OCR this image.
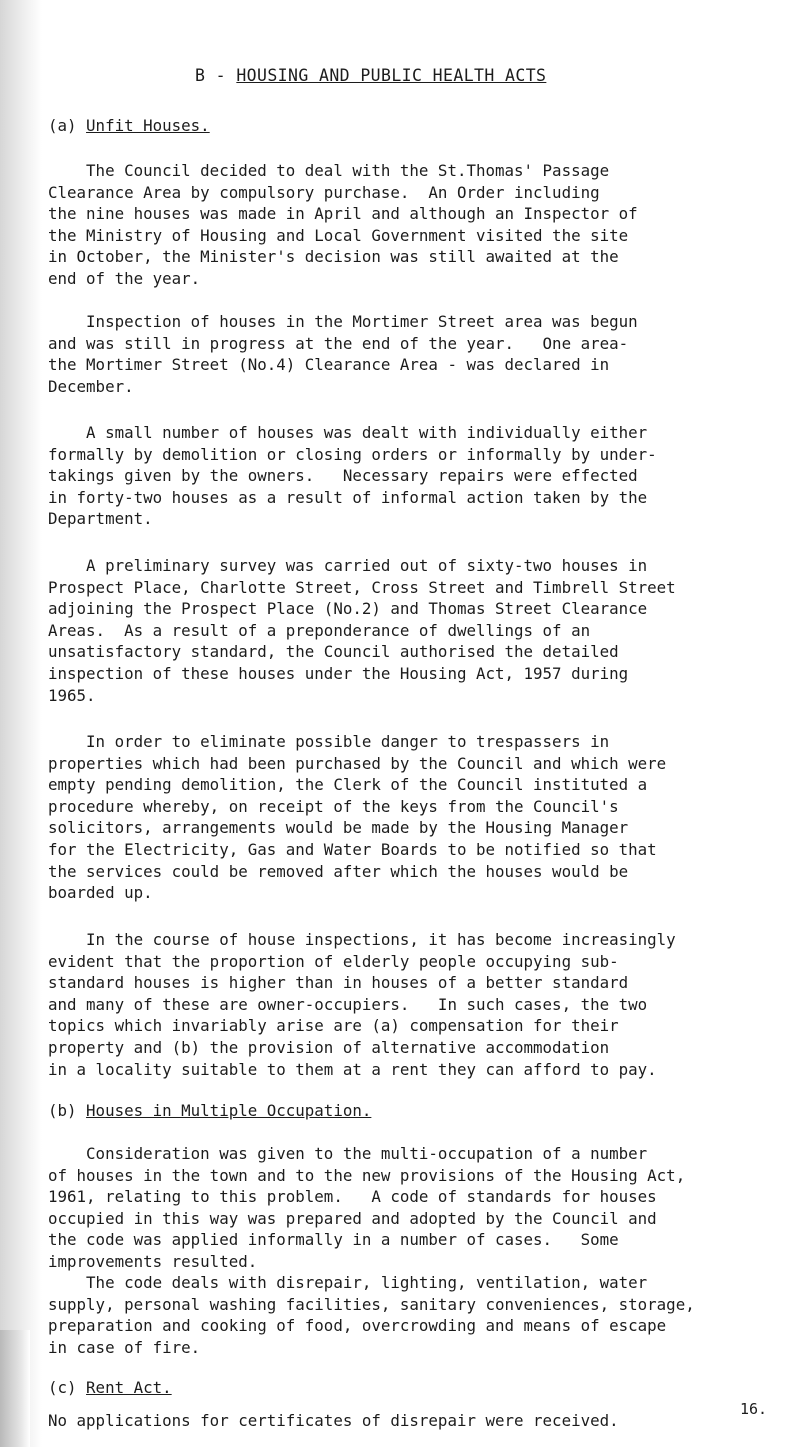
B - HOUSING AND PUBLIC HEALTH ACTS
(a) Unfit Houses.
The Council decided to deal with the St.Thomas' Passage
Clearance Area by compulsory purchase.  An Order including
the nine houses was made in April and although an Inspector of
the Ministry of Housing and Local Government visited the site
in October, the Minister's decision was still awaited at the
end of the year.
Inspection of houses in the Mortimer Street area was begun
and was still in progress at the end of the year.   One area-
the Mortimer Street (No.4) Clearance Area - was declared in
December.
A small number of houses was dealt with individually either
formally by demolition or closing orders or informally by under-
takings given by the owners.   Necessary repairs were effected
in forty-two houses as a result of informal action taken by the
Department.
A preliminary survey was carried out of sixty-two houses in
Prospect Place, Charlotte Street, Cross Street and Timbrell Street
adjoining the Prospect Place (No.2) and Thomas Street Clearance
Areas.  As a result of a preponderance of dwellings of an
unsatisfactory standard, the Council authorised the detailed
inspection of these houses under the Housing Act, 1957 during
1965.
In order to eliminate possible danger to trespassers in
properties which had been purchased by the Council and which were
empty pending demolition, the Clerk of the Council instituted a
procedure whereby, on receipt of the keys from the Council's
solicitors, arrangements would be made by the Housing Manager
for the Electricity, Gas and Water Boards to be notified so that
the services could be removed after which the houses would be
boarded up.
In the course of house inspections, it has become increasingly
evident that the proportion of elderly people occupying sub-
standard houses is higher than in houses of a better standard
and many of these are owner-occupiers.   In such cases, the two
topics which invariably arise are (a) compensation for their
property and (b) the provision of alternative accommodation
in a locality suitable to them at a rent they can afford to pay.
(b) Houses in Multiple Occupation.
Consideration was given to the multi-occupation of a number
of houses in the town and to the new provisions of the Housing Act,
1961, relating to this problem.   A code of standards for houses
occupied in this way was prepared and adopted by the Council and
the code was applied informally in a number of cases.   Some
improvements resulted.
The code deals with disrepair, lighting, ventilation, water
supply, personal washing facilities, sanitary conveniences, storage,
preparation and cooking of food, overcrowding and means of escape
in case of fire.
(c) Rent Act.
No applications for certificates of disrepair were received.
16.
